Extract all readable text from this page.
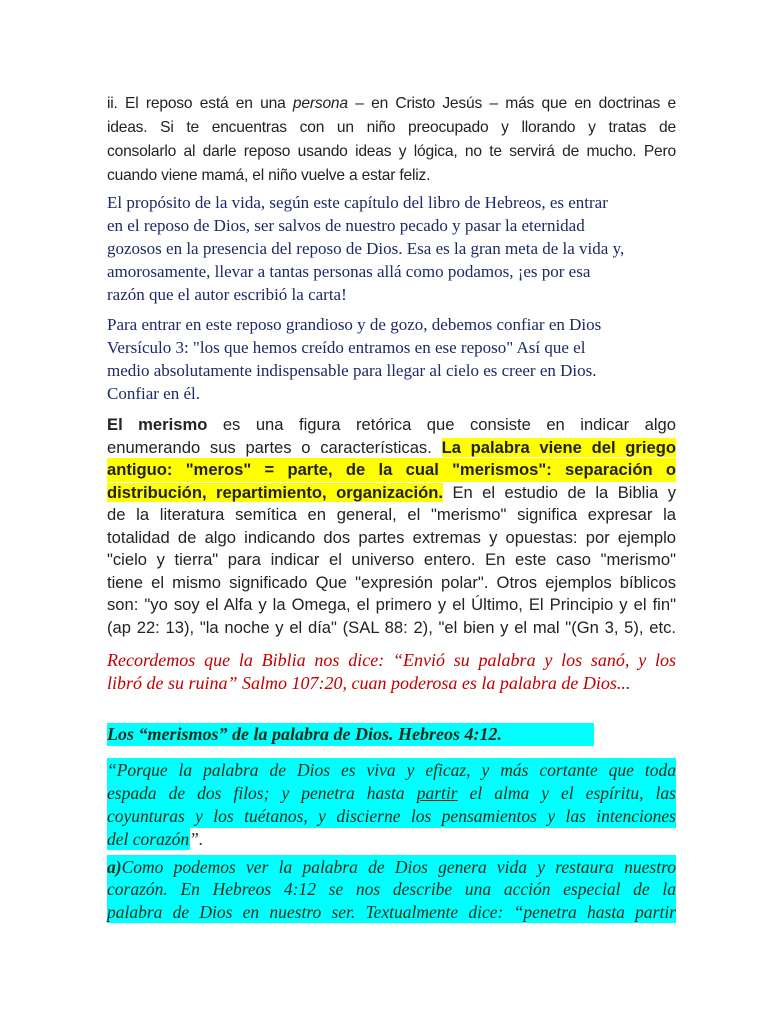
ii. El reposo está en una persona – en Cristo Jesús – más que en doctrinas e
ideas. Si te encuentras con un niño preocupado y llorando y tratas de
consolarlo al darle reposo usando ideas y lógica, no te servirá de mucho. Pero
cuando viene mamá, el niño vuelve a estar feliz.
El propósito de la vida, según este capítulo del libro de Hebreos, es entrar
en el reposo de Dios, ser salvos de nuestro pecado y pasar la eternidad
gozosos en la presencia del reposo de Dios. Esa es la gran meta de la vida y,
amorosamente, llevar a tantas personas allá como podamos, ¡es por esa
razón que el autor escribió la carta!
Para entrar en este reposo grandioso y de gozo, debemos confiar en Dios
Versículo 3: "los que hemos creído entramos en ese reposo" Así que el
medio absolutamente indispensable para llegar al cielo es creer en Dios.
Confiar en él.
El merismo es una figura retórica que consiste en indicar algo
enumerando sus partes o características. La palabra viene del griego
antiguo: "meros" = parte, de la cual "merismos": separación o
distribución, repartimiento, organización. En el estudio de la Biblia y
de la literatura semítica en general, el "merismo" significa expresar la
totalidad de algo indicando dos partes extremas y opuestas: por ejemplo
"cielo y tierra" para indicar el universo entero. En este caso "merismo"
tiene el mismo significado Que "expresión polar". Otros ejemplos bíblicos
son: "yo soy el Alfa y la Omega, el primero y el Último, El Principio y el fin"
(ap 22: 13), "la noche y el día" (SAL 88: 2), "el bien y el mal "(Gn 3, 5), etc.
Recordemos que la Biblia nos dice: “Envió su palabra y los sanó, y los
libró de su ruina” Salmo 107:20, cuan poderosa es la palabra de Dios...
Los “merismos” de la palabra de Dios. Hebreos 4:12.
“Porque la palabra de Dios es viva y eficaz, y más cortante que toda
espada de dos filos; y penetra hasta partir el alma y el espíritu, las
coyunturas y los tuétanos, y discierne los pensamientos y las intenciones
del corazón”.
a)Como podemos ver la palabra de Dios genera vida y restaura nuestro
corazón. En Hebreos 4:12 se nos describe una acción especial de la
palabra de Dios en nuestro ser. Textualmente dice: “penetra hasta partir
